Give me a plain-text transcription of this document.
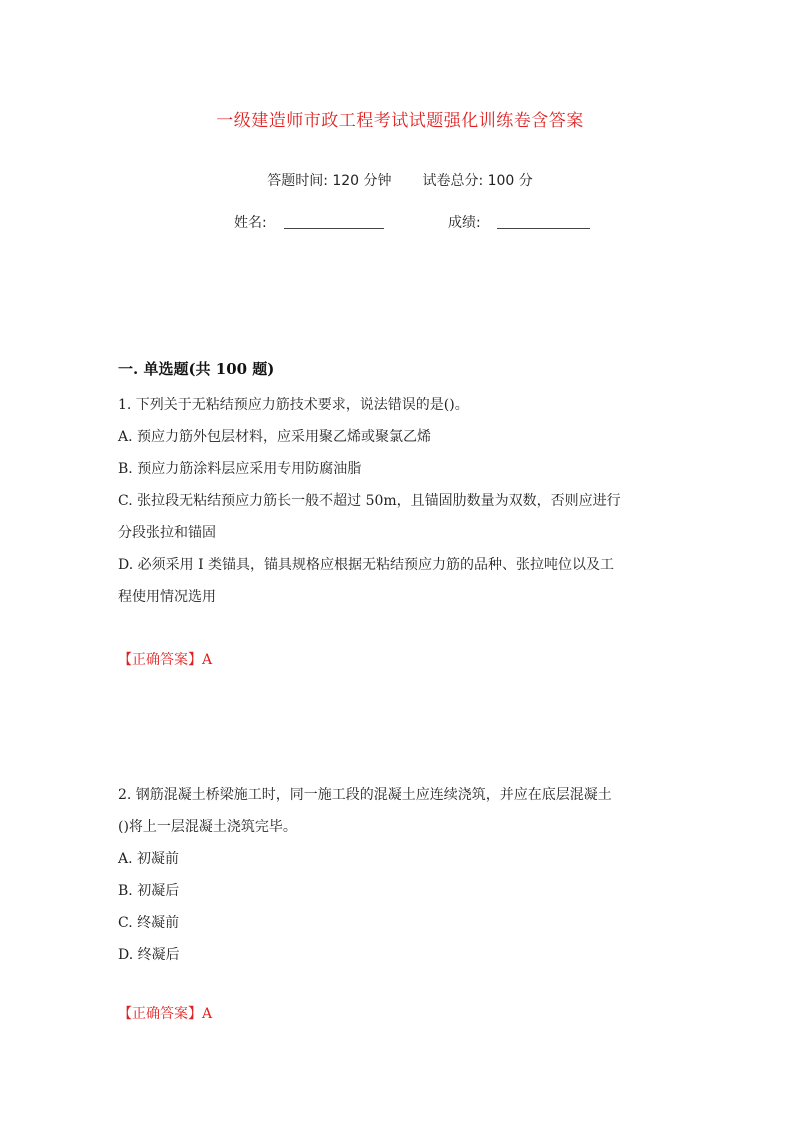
一级建造师市政工程考试试题强化训练卷含答案
答题时间: 120 分钟 试卷总分: 100 分
姓名:	成绩:
一. 单选题(共 100 题)
1. 下列关于无粘结预应力筋技术要求，说法错误的是()。
A. 预应力筋外包层材料，应采用聚乙烯或聚氯乙烯
B. 预应力筋涂料层应采用专用防腐油脂
C. 张拉段无粘结预应力筋长一般不超过 50m，且锚固肋数量为双数，否则应进行
分段张拉和锚固
D. 必须采用 I 类锚具，锚具规格应根据无粘结预应力筋的品种、张拉吨位以及工
程使用情况选用
【正确答案】A
2. 钢筋混凝土桥梁施工时，同一施工段的混凝土应连续浇筑，并应在底层混凝土
()将上一层混凝土浇筑完毕。
A. 初凝前
B. 初凝后
C. 终凝前
D. 终凝后
【正确答案】A
